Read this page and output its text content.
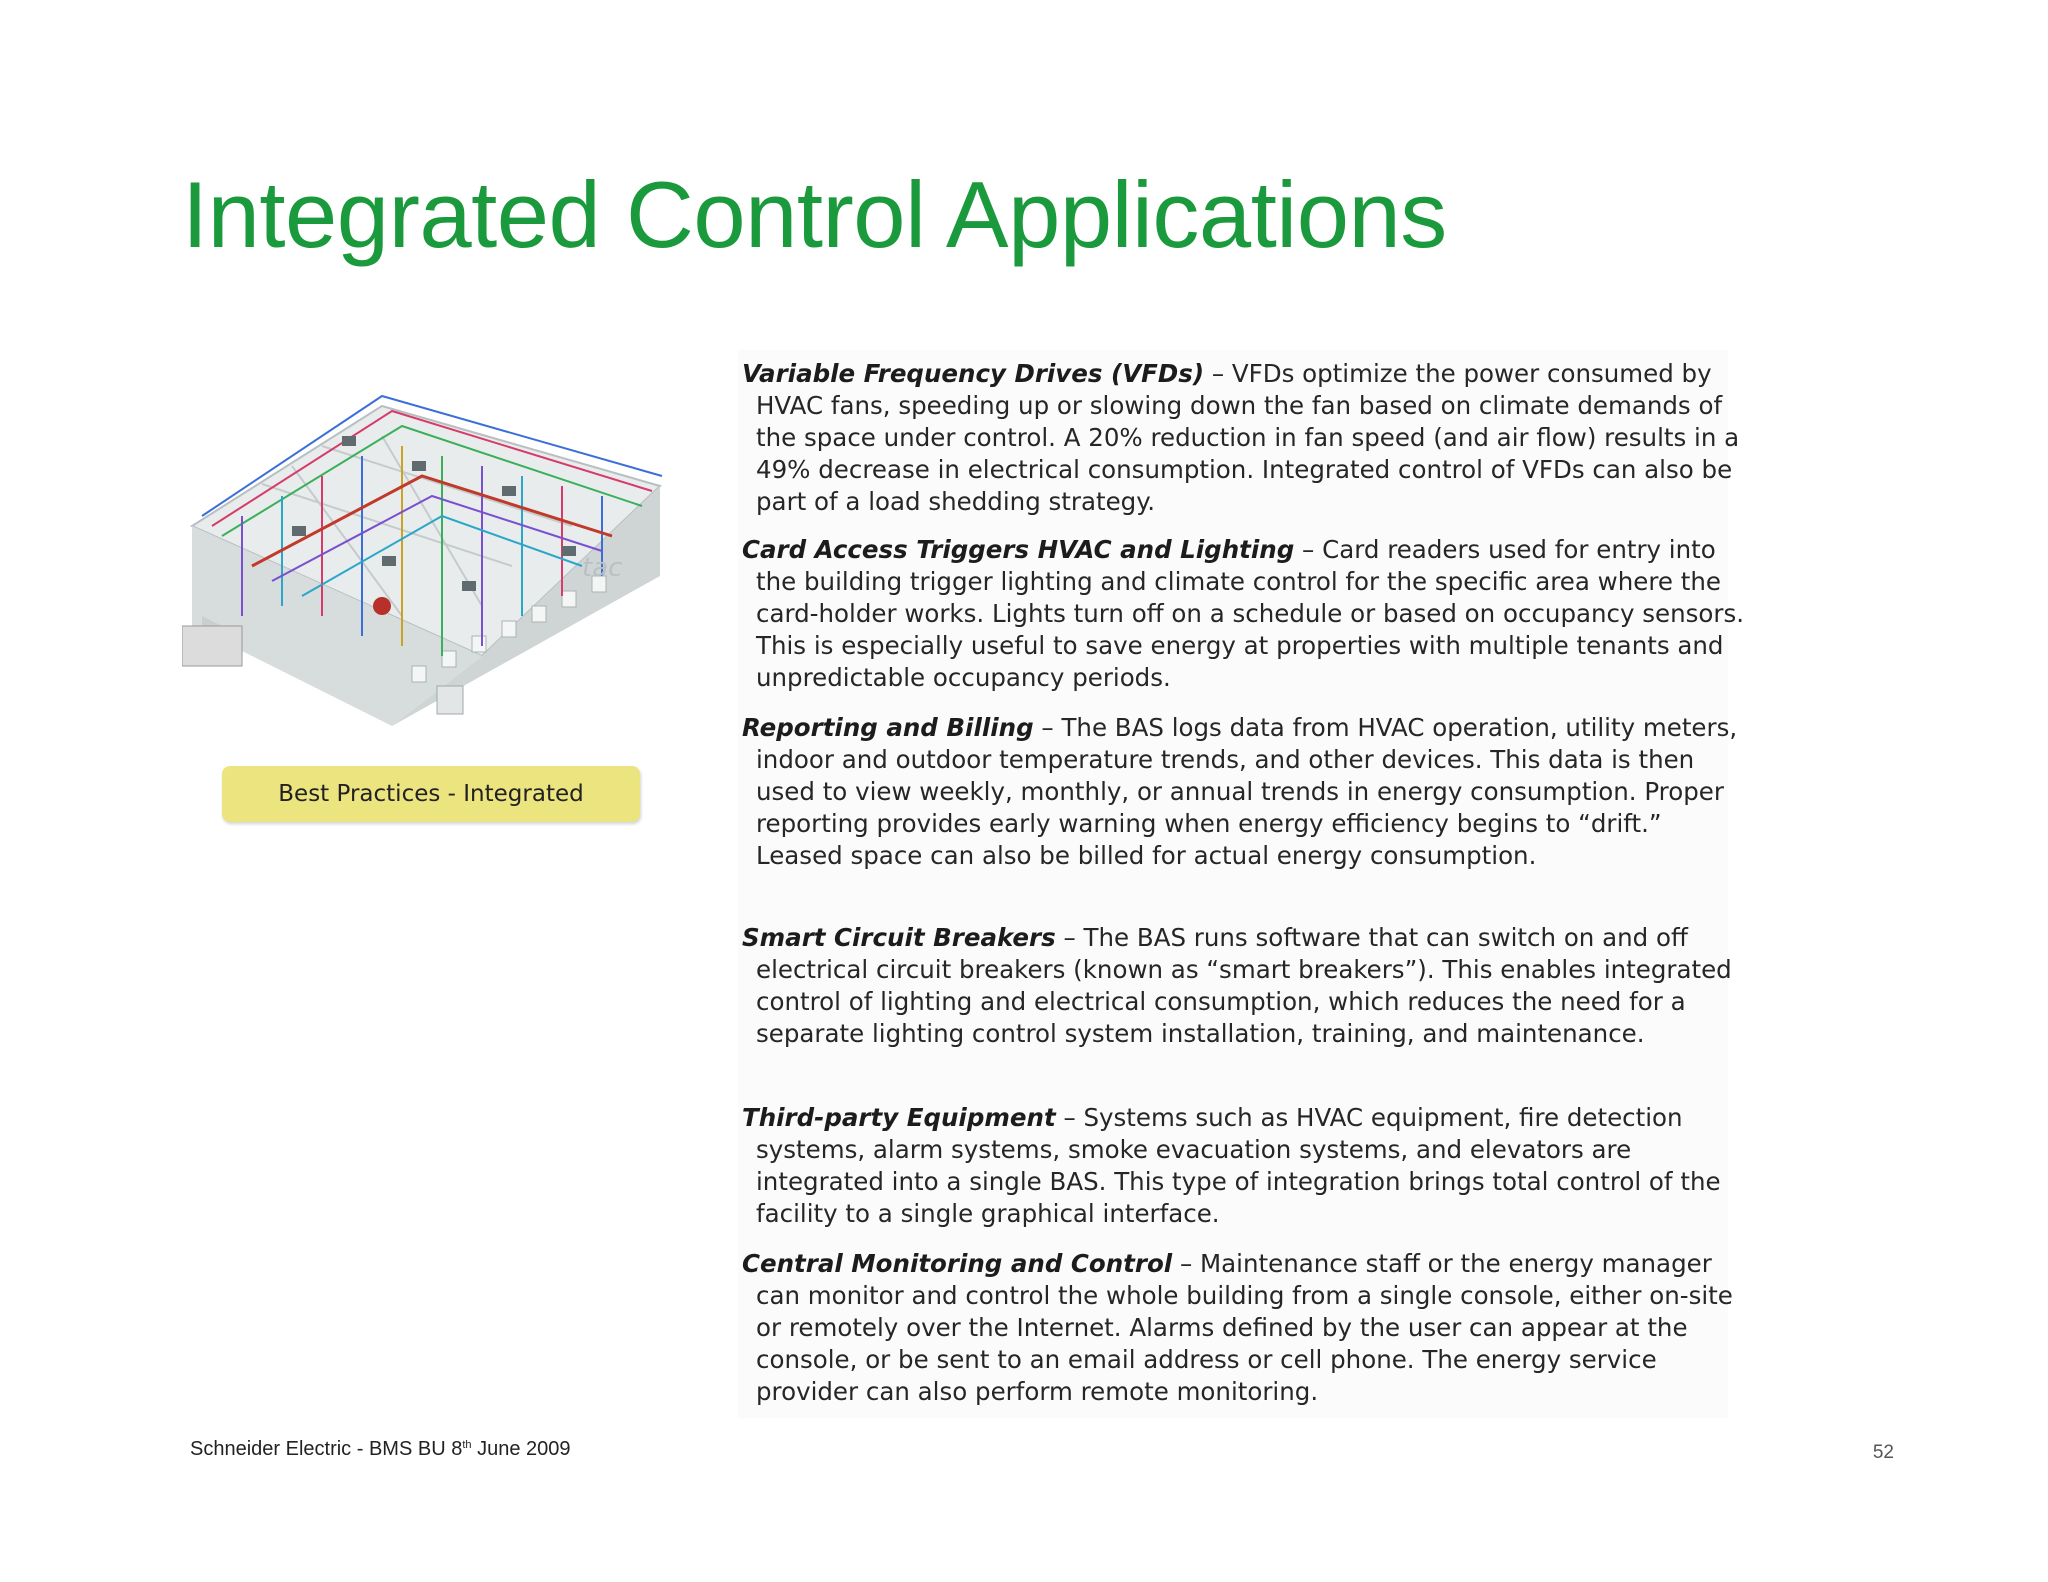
Integrated Control Applications
tac
Best Practices - Integrated

Variable Frequency Drives (VFDs) – VFDs optimize the power consumed by HVAC fans, speeding up or slowing down the fan based on climate demands of the space under control. A 20% reduction in fan speed (and air flow) results in a 49% decrease in electrical consumption. Integrated control of VFDs can also be part of a load shedding strategy.

Card Access Triggers HVAC and Lighting – Card readers used for entry into the building trigger lighting and climate control for the specific area where the card-holder works. Lights turn off on a schedule or based on occupancy sensors. This is especially useful to save energy at properties with multiple tenants and unpredictable occupancy periods.

Reporting and Billing – The BAS logs data from HVAC operation, utility meters, indoor and outdoor temperature trends, and other devices. This data is then used to view weekly, monthly, or annual trends in energy consumption. Proper reporting provides early warning when energy efficiency begins to “drift.” Leased space can also be billed for actual energy consumption.

Smart Circuit Breakers – The BAS runs software that can switch on and off electrical circuit breakers (known as “smart breakers”). This enables integrated control of lighting and electrical consumption, which reduces the need for a separate lighting control system installation, training, and maintenance.

Third-party Equipment – Systems such as HVAC equipment, fire detection systems, alarm systems, smoke evacuation systems, and elevators are integrated into a single BAS. This type of integration brings total control of the facility to a single graphical interface.

Central Monitoring and Control – Maintenance staff or the energy manager can monitor and control the whole building from a single console, either on-site or remotely over the Internet. Alarms defined by the user can appear at the console, or be sent to an email address or cell phone. The energy service provider can also perform remote monitoring.

Schneider Electric - BMS BU 8th June 2009	52
